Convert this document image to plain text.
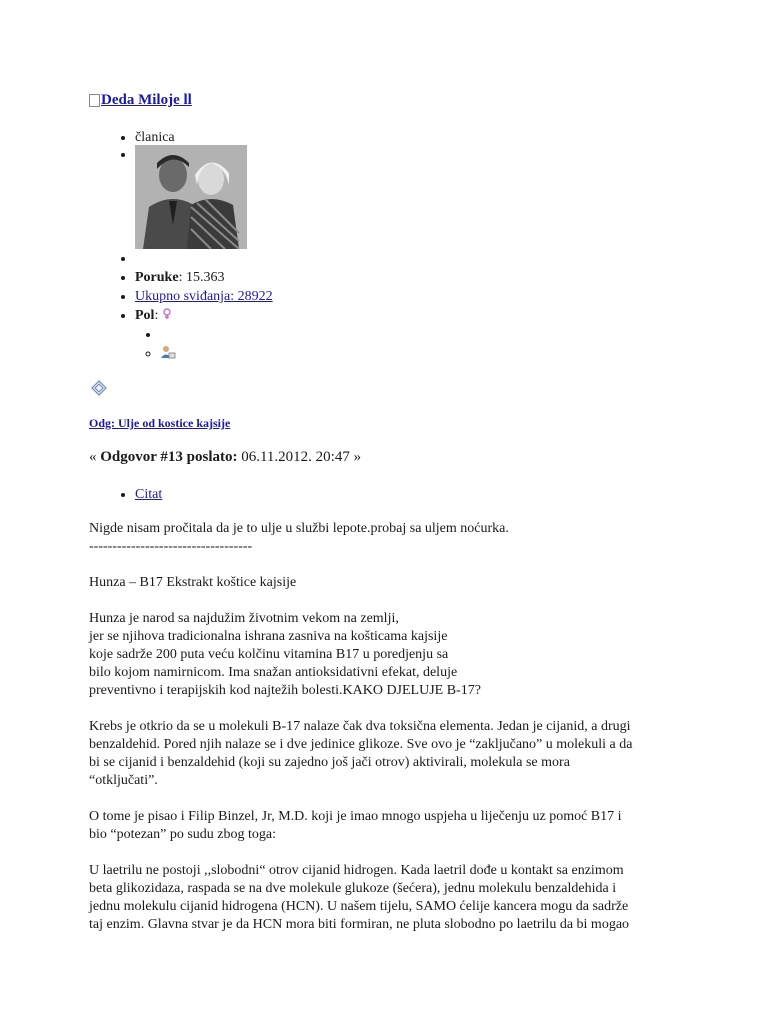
Deda Miloje ll
• članica
•
•
• Poruke: 15.363
• Ukupno sviđanja: 28922
• Pol:
•
◦
Odg: Ulje od kostice kajsije
« Odgovor #13 poslato: 06.11.2012. 20:47 »
• Citat

Nigde nisam pročitala da je to ulje u službi lepote.probaj sa uljem noćurka.
-----------------------------------

Hunza – B17 Ekstrakt koštice kajsije

Hunza je narod sa najdužim životnim vekom na zemlji,
jer se njihova tradicionalna ishrana zasniva na košticama kajsije
koje sadrže 200 puta veću kolčinu vitamina B17 u poredjenju sa
bilo kojom namirnicom. Ima snažan antioksidativni efekat, deluje
preventivno i terapijskih kod najtežih bolesti.KAKO DJELUJE B-17?

Krebs je otkrio da se u molekuli B-17 nalaze čak dva toksična elementa. Jedan je cijanid, a drugi
benzaldehid. Pored njih nalaze se i dve jedinice glikoze. Sve ovo je “zaključano” u molekuli a da
bi se cijanid i benzaldehid (koji su zajedno još jači otrov) aktivirali, molekula se mora
“otključati”.

O tome je pisao i Filip Binzel, Jr, M.D. koji je imao mnogo uspjeha u liječenju uz pomoć B17 i
bio “potezan” po sudu zbog toga:

U laetrilu ne postoji ,,slobodni“ otrov cijanid hidrogen. Kada laetril dođe u kontakt sa enzimom
beta glikozidaza, raspada se na dve molekule glukoze (šećera), jednu molekulu benzaldehida i
jednu molekulu cijanid hidrogena (HCN). U našem tijelu, SAMO ćelije kancera mogu da sadrže
taj enzim. Glavna stvar je da HCN mora biti formiran, ne pluta slobodno po laetrilu da bi mogao
